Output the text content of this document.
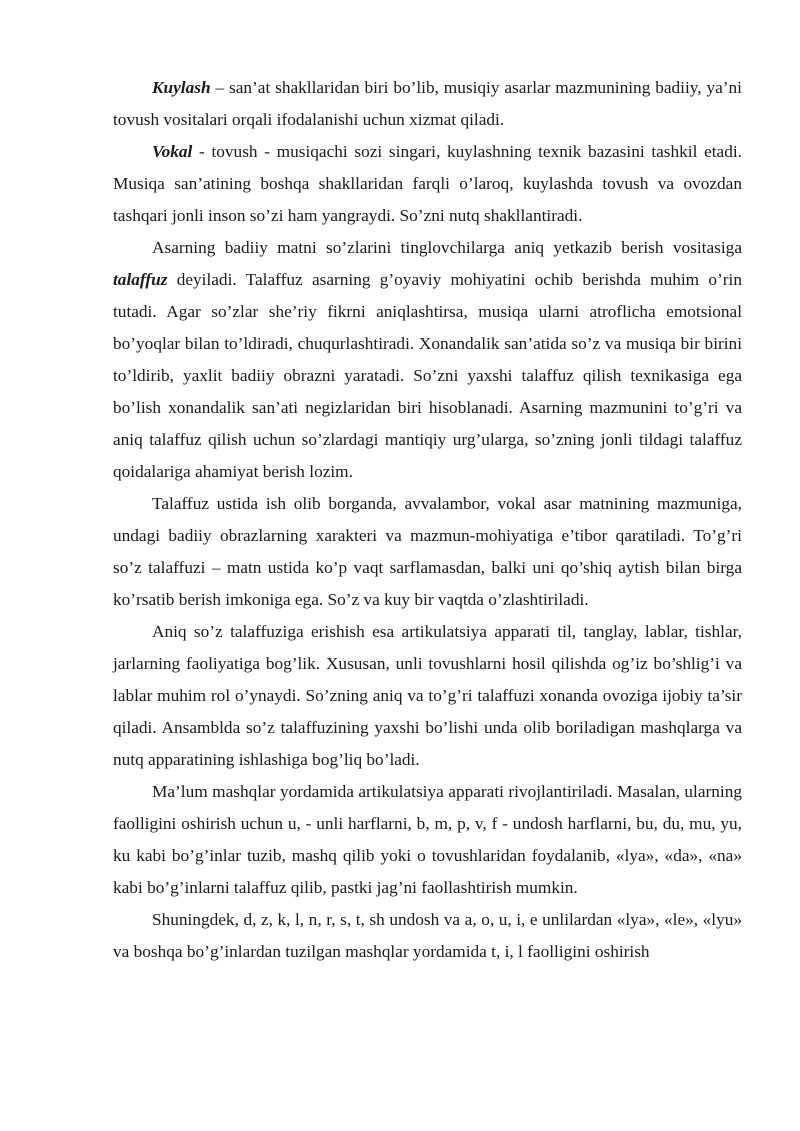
Kuylash – san’at shakllaridan biri bo’lib, musiqiy asarlar mazmunining badiiy, ya’ni tovush vositalari orqali ifodalanishi uchun xizmat qiladi.

Vokal - tovush - musiqachi sozi singari, kuylashning texnik bazasini tashkil etadi. Musiqa san’atining boshqa shakllaridan farqli o’laroq, kuylashda tovush va ovozdan tashqari jonli inson so’zi ham yangraydi. So’zni nutq shakllantiradi.

Asarning badiiy matni so’zlarini tinglovchilarga aniq yetkazib berish vositasiga talaffuz deyiladi. Talaffuz asarning g’oyaviy mohiyatini ochib berishda muhim o’rin tutadi. Agar so’zlar she’riy fikrni aniqlashtirsa, musiqa ularni atroflicha emotsional bo’yoqlar bilan to’ldiradi, chuqurlashtiradi. Xonandalik san’atida so’z va musiqa bir birini to’ldirib, yaxlit badiiy obrazni yaratadi. So’zni yaxshi talaffuz qilish texnikasiga ega bo’lish xonandalik san’ati negizlaridan biri hisoblanadi. Asarning mazmunini to’g’ri va aniq talaffuz qilish uchun so’zlardagi mantiqiy urg’ularga, so’zning jonli tildagi talaffuz qoidalariga ahamiyat berish lozim.

Talaffuz ustida ish olib borganda, avvalambor, vokal asar matnining mazmuniga, undagi badiiy obrazlarning xarakteri va mazmun-mohiyatiga e’tibor qaratiladi. To’g’ri so’z talaffuzi – matn ustida ko’p vaqt sarflamasdan, balki uni qo’shiq aytish bilan birga ko’rsatib berish imkoniga ega. So’z va kuy bir vaqtda o’zlashtiriladi.

Aniq so’z talaffuziga erishish esa artikulatsiya apparati til, tanglay, lablar, tishlar, jarlarning faoliyatiga bog’lik. Xususan, unli tovushlarni hosil qilishda og’iz bo’shlig’i va lablar muhim rol o’ynaydi. So’zning aniq va to’g’ri talaffuzi xonanda ovoziga ijobiy ta’sir qiladi. Ansamblda so’z talaffuzining yaxshi bo’lishi unda olib boriladigan mashqlarga va nutq apparatining ishlashiga bog’liq bo’ladi.

Ma’lum mashqlar yordamida artikulatsiya apparati rivojlantiriladi. Masalan, ularning faolligini oshirish uchun u, - unli harflarni, b, m, p, v, f - undosh harflarni, bu, du, mu, yu, ku kabi bo’g’inlar tuzib, mashq qilib yoki o tovushlaridan foydalanib, «lya», «da», «na» kabi bo’g’inlarni talaffuz qilib, pastki jag’ni faollashtirish mumkin.

Shuningdek, d, z, k, l, n, r, s, t, sh undosh va a, o, u, i, e unlilardan «lya», «le», «lyu» va boshqa bo’g’inlardan tuzilgan mashqlar yordamida t, i, l faolligini oshirish
